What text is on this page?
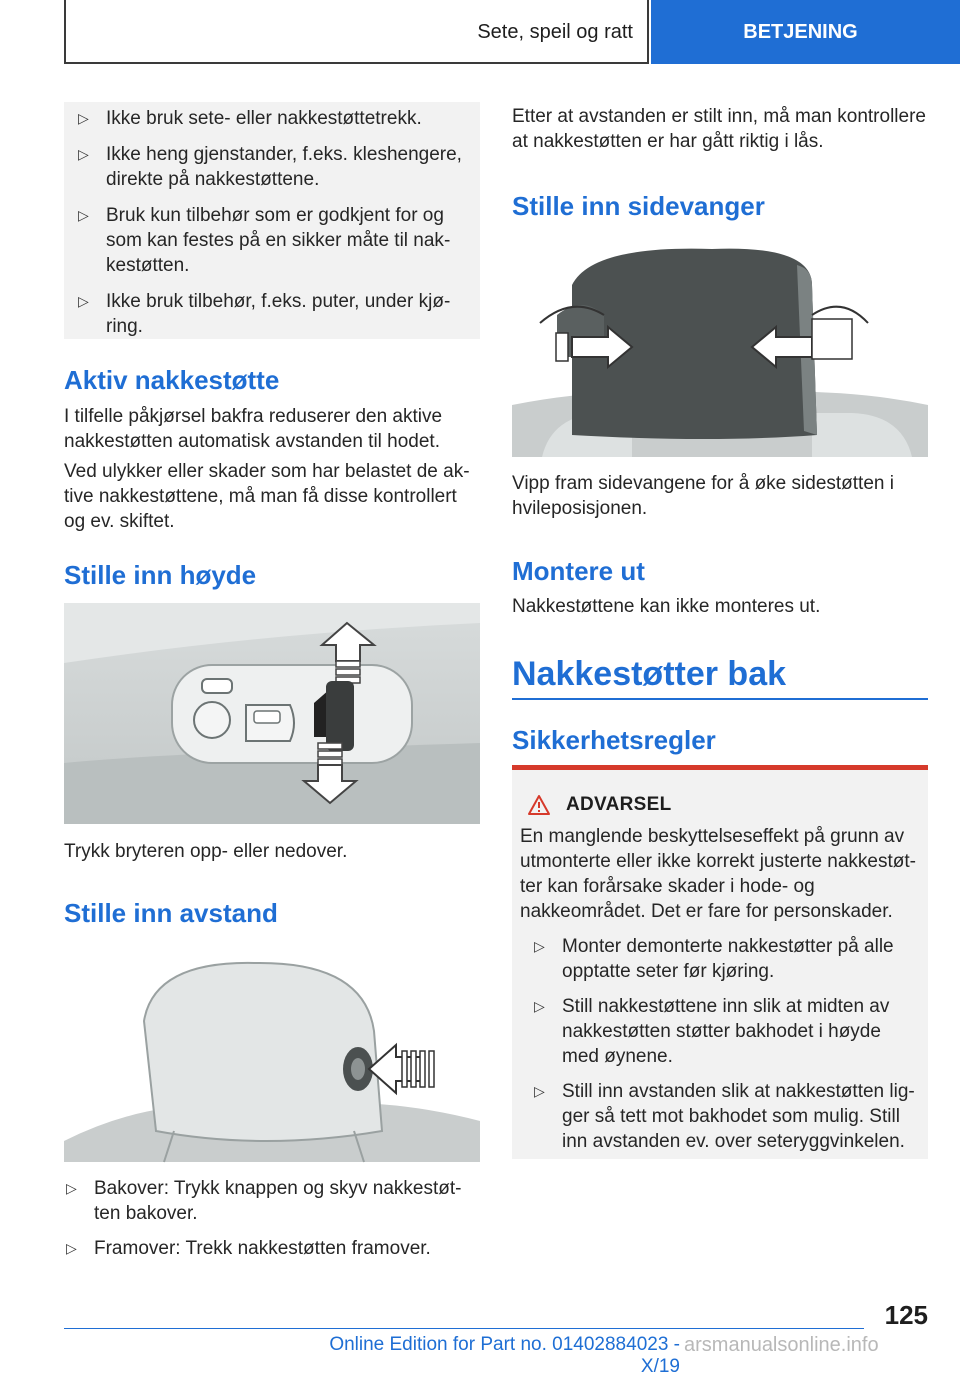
Sete, speil og ratt	BETJENING
▷ Ikke bruk sete- eller nakkestøttetrekk.
▷ Ikke heng gjenstander, f.eks. kleshengere, direkte på nakkestøttene.
▷ Bruk kun tilbehør som er godkjent for og som kan festes på en sikker måte til nakkestøtten.
▷ Ikke bruk tilbehør, f.eks. puter, under kjøring.
Aktiv nakkestøtte
I tilfelle påkjørsel bakfra reduserer den aktive nakkestøtten automatisk avstanden til hodet.
Ved ulykker eller skader som har belastet de aktive nakkestøttene, må man få disse kontrollert og ev. skiftet.
Stille inn høyde
Trykk bryteren opp- eller nedover.
Stille inn avstand
▷ Bakover: Trykk knappen og skyv nakkestøtten bakover.
▷ Framover: Trekk nakkestøtten framover.
Etter at avstanden er stilt inn, må man kontrollere at nakkestøtten er har gått riktig i lås.
Stille inn sidevanger
Vipp fram sidevangene for å øke sidestøtten i hvileposisjonen.
Montere ut
Nakkestøttene kan ikke monteres ut.
Nakkestøtter bak
Sikkerhetsregler
ADVARSEL
En manglende beskyttelseseffekt på grunn av utmonterte eller ikke korrekt justerte nakkestøtter kan forårsake skader i hode- og nakkeområdet. Det er fare for personskader.
▷ Monter demonterte nakkestøtter på alle opptatte seter før kjøring.
▷ Still nakkestøttene inn slik at midten av nakkestøtten støtter bakhodet i høyde med øynene.
▷ Still inn avstanden slik at nakkestøtten ligger så tett mot bakhodet som mulig. Still inn avstanden ev. over seteryggvinkelen.
125
Online Edition for Part no. 01402884023 - X/19
arsmanualsonline.info
